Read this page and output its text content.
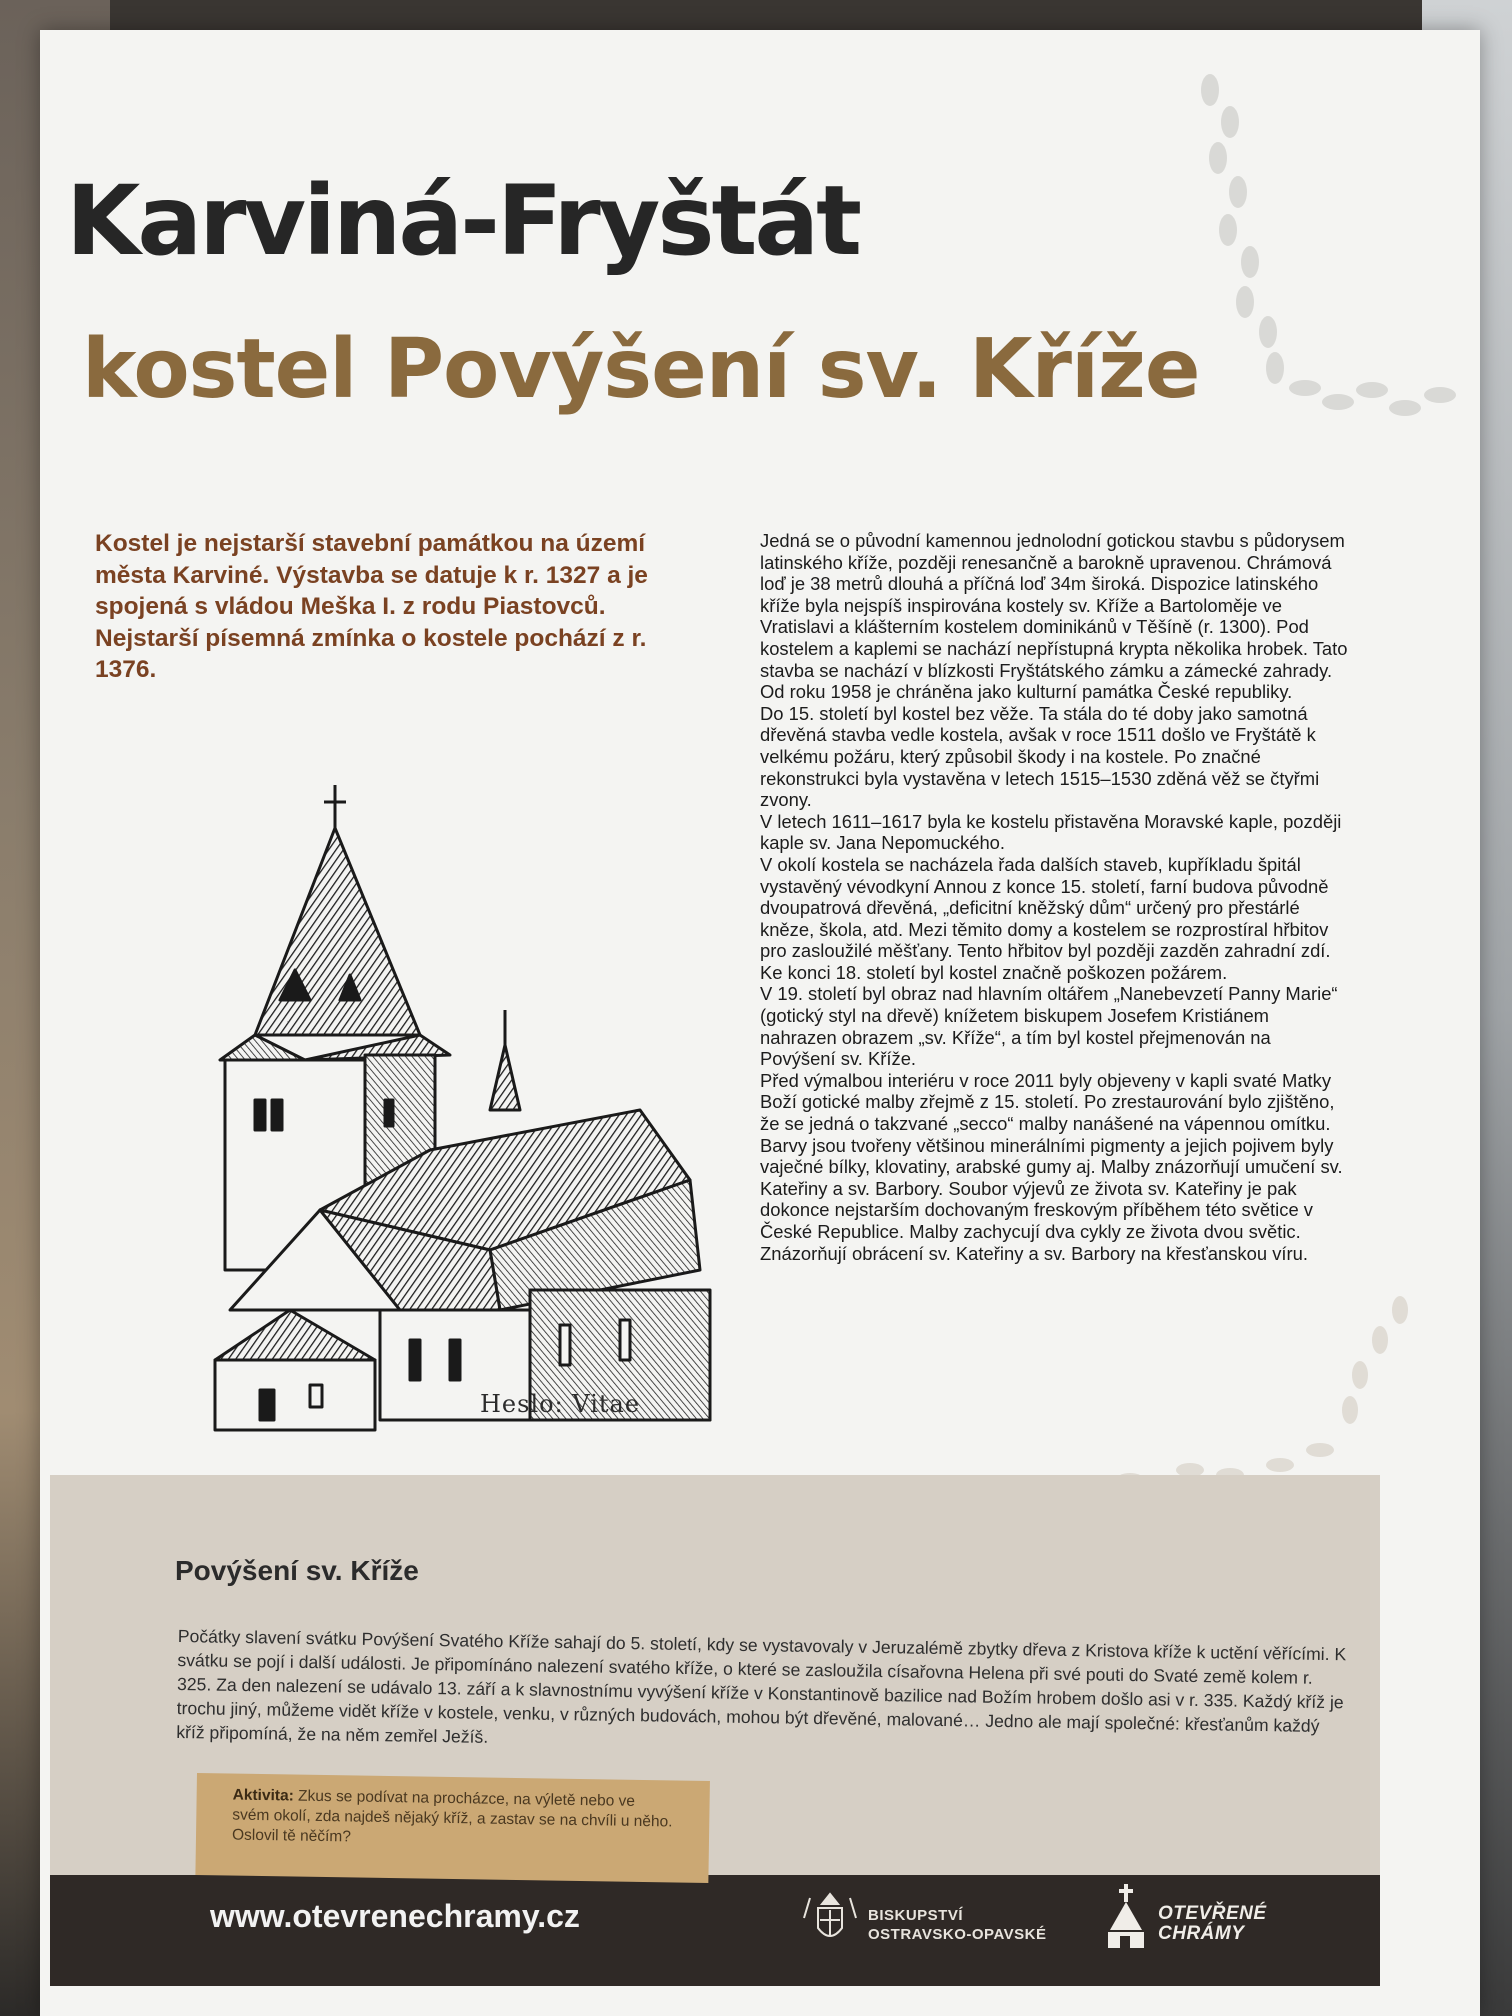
Karviná-Fryštát
kostel Povýšení sv. Kříže

Kostel je nejstarší stavební památkou na území města Karviné. Výstavba se datuje k r. 1327 a je spojená s vládou Meška I. z rodu Piastovců. Nejstarší písemná zmínka o kostele pochází z r. 1376.

Jedná se o původní kamennou jednolodní gotickou stavbu s půdorysem latinského kříže, později renesančně a barokně upravenou. Chrámová loď je 38 metrů dlouhá a příčná loď 34m široká. Dispozice latinského kříže byla nejspíš inspirována kostely sv. Kříže a Bartoloměje ve Vratislavi a klášterním kostelem dominikánů v Těšíně (r. 1300). Pod kostelem a kaplemi se nachází nepřístupná krypta několika hrobek. Tato stavba se nachází v blízkosti Fryštátského zámku a zámecké zahrady. Od roku 1958 je chráněna jako kulturní památka České republiky.

Do 15. století byl kostel bez věže. Ta stála do té doby jako samotná dřevěná stavba vedle kostela, avšak v roce 1511 došlo ve Fryštátě k velkému požáru, který způsobil škody i na kostele. Po značné rekonstrukci byla vystavěna v letech 1515–1530 zděná věž se čtyřmi zvony.

V letech 1611–1617 byla ke kostelu přistavěna Moravské kaple, později kaple sv. Jana Nepomuckého.

V okolí kostela se nacházela řada dalších staveb, kupříkladu špitál vystavěný vévodkyní Annou z konce 15. století, farní budova původně dvoupatrová dřevěná, „deficitní kněžský dům“ určený pro přestárlé kněze, škola, atd. Mezi těmito domy a kostelem se rozprostíral hřbitov pro zasloužilé měšťany. Tento hřbitov byl později zazděn zahradní zdí.

Ke konci 18. století byl kostel značně poškozen požárem.

V 19. století byl obraz nad hlavním oltářem „Nanebevzetí Panny Marie“ (gotický styl na dřevě) knížetem biskupem Josefem Kristiánem nahrazen obrazem „sv. Kříže“, a tím byl kostel přejmenován na Povýšení sv. Kříže.

Před výmalbou interiéru v roce 2011 byly objeveny v kapli svaté Matky Boží gotické malby zřejmě z 15. století. Po zrestaurování bylo zjištěno, že se jedná o takzvané „secco“ malby nanášené na vápennou omítku. Barvy jsou tvořeny většinou minerálními pigmenty a jejich pojivem byly vaječné bílky, klovatiny, arabské gumy aj. Malby znázorňují umučení sv. Kateřiny a sv. Barbory. Soubor výjevů ze života sv. Kateřiny je pak dokonce nejstarším dochovaným freskovým příběhem této světice v České Republice. Malby zachycují dva cykly ze života dvou světic. Znázorňují obrácení sv. Kateřiny a sv. Barbory na křesťanskou víru.

Heslo: Vitae
Povýšení sv. Kříže

Počátky slavení svátku Povýšení Svatého Kříže sahají do 5. století, kdy se vystavovaly v Jeruzalémě zbytky dřeva z Kristova kříže k uctění věřícími. K svátku se pojí i další události. Je připomínáno nalezení svatého kříže, o které se zasloužila císařovna Helena při své pouti do Svaté země kolem r. 325. Za den nalezení se udávalo 13. září a k slavnostnímu vyvýšení kříže v Konstantinově bazilice nad Božím hrobem došlo asi v r. 335. Každý kříž je trochu jiný, můžeme vidět kříže v kostele, venku, v různých budovách, mohou být dřevěné, malované… Jedno ale mají společné: křesťanům každý kříž připomíná, že na něm zemřel Ježíš.

Aktivita: Zkus se podívat na procházce, na výletě nebo ve svém okolí, zda najdeš nějaký kříž, a zastav se na chvíli u něho. Oslovil tě něčím?

www.otevrenechramy.cz	BISKUPSTVÍ
OSTRAVSKO-OPAVSKÉ
OTEVŘENÉ
CHRÁMY
